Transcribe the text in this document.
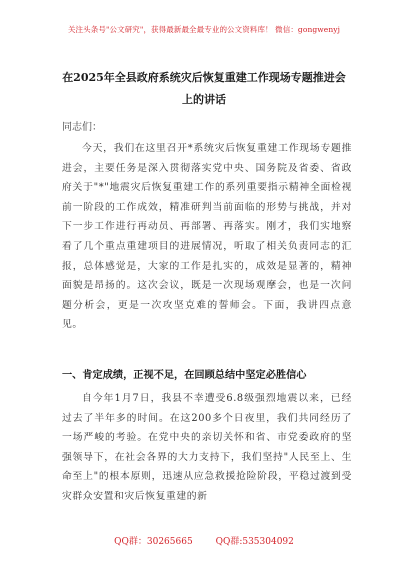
关注头条号"公文研究"，获得最新最全最专业的公文资料库！ 微信：gongwenyj
在2025年全县政府系统灾后恢复重建工作现场专题推进会
上的讲话
同志们：
今天，我们在这里召开*系统灾后恢复重建工作现场专题推进会，主要任务是深入贯彻落实党中央、国务院及省委、省政府关于"*"地震灾后恢复重建工作的系列重要指示精神全面检视前一阶段的工作成效，精准研判当前面临的形势与挑战，并对下一步工作进行再动员、再部署、再落实。刚才，我们实地察看了几个重点重建项目的进展情况，听取了相关负责同志的汇报，总体感觉是，大家的工作是扎实的，成效是显著的，精神面貌是昂扬的。这次会议，既是一次现场观摩会，也是一次问题分析会，更是一次攻坚克难的誓师会。下面，我讲四点意见。
一、肯定成绩，正视不足，在回顾总结中坚定必胜信心
自今年1月7日，我县不幸遭受6.8级强烈地震以来，已经过去了半年多的时间。在这200多个日夜里，我们共同经历了一场严峻的考验。在党中央的亲切关怀和省、市党委政府的坚强领导下，在社会各界的大力支持下，我们坚持"人民至上、生命至上"的根本原则，迅速从应急救援抢险阶段，平稳过渡到受灾群众安置和灾后恢复重建的新
QQ群：30265665	QQ群:535304092
